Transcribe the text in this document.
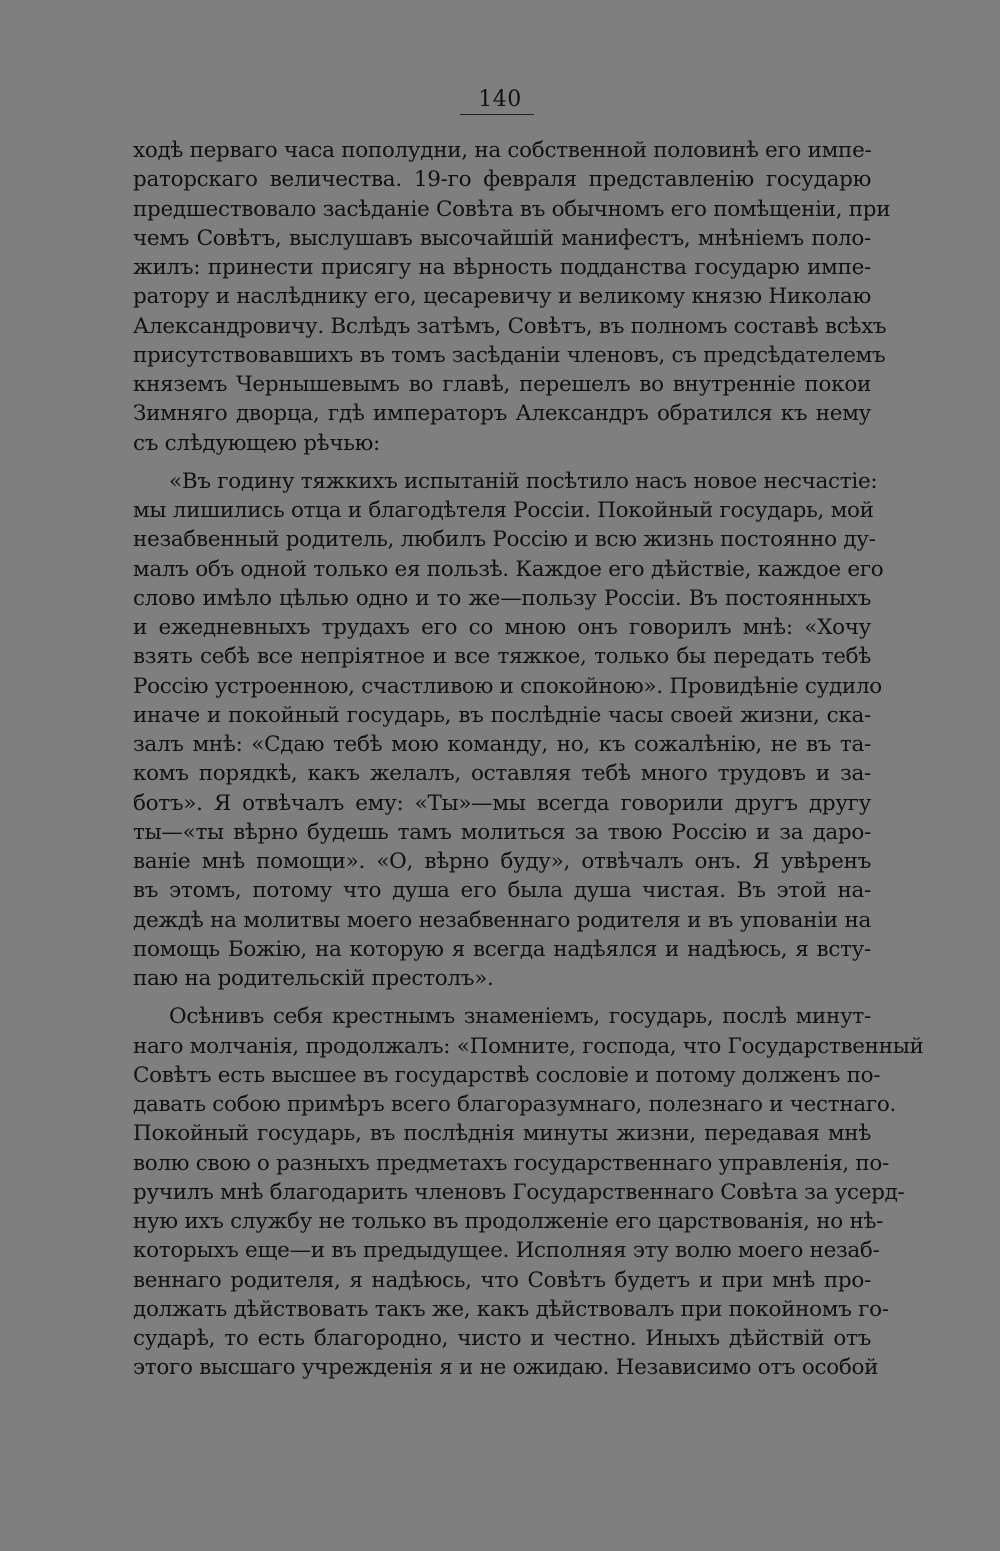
140
ходѣ перваго часа пополудни, на собственной половинѣ его импе-
раторскаго величества. 19-го февраля представленію государю
предшествовало засѣданіе Совѣта въ обычномъ его помѣщеніи, при
чемъ Совѣтъ, выслушавъ высочайшій манифестъ, мнѣніемъ поло-
жилъ: принести присягу на вѣрность подданства государю импе-
ратору и наслѣднику его, цесаревичу и великому князю Николаю
Александровичу. Вслѣдъ затѣмъ, Совѣтъ, въ полномъ составѣ всѣхъ
присутствовавшихъ въ томъ засѣданіи членовъ, съ предсѣдателемъ
княземъ Чернышевымъ во главѣ, перешелъ во внутренніе покои
Зимняго дворца, гдѣ императоръ Александръ обратился къ нему
съ слѣдующею рѣчью:
«Въ годину тяжкихъ испытаній посѣтило насъ новое несчастіе:
мы лишились отца и благодѣтеля Россіи. Покойный государь, мой
незабвенный родитель, любилъ Россію и всю жизнь постоянно ду-
малъ объ одной только ея пользѣ. Каждое его дѣйствіе, каждое его
слово имѣло цѣлью одно и то же—пользу Россіи. Въ постоянныхъ
и ежедневныхъ трудахъ его со мною онъ говорилъ мнѣ: «Хочу
взять себѣ все непріятное и все тяжкое, только бы передать тебѣ
Россію устроенною, счастливою и спокойною». Провидѣніе судило
иначе и покойный государь, въ послѣдніе часы своей жизни, ска-
залъ мнѣ: «Сдаю тебѣ мою команду, но, къ сожалѣнію, не въ та-
комъ порядкѣ, какъ желалъ, оставляя тебѣ много трудовъ и за-
ботъ». Я отвѣчалъ ему: «Ты»—мы всегда говорили другъ другу
ты—«ты вѣрно будешь тамъ молиться за твою Россію и за даро-
ваніе мнѣ помощи». «О, вѣрно буду», отвѣчалъ онъ. Я увѣренъ
въ этомъ, потому что душа его была душа чистая. Въ этой на-
деждѣ на молитвы моего незабвеннаго родителя и въ упованіи на
помощь Божію, на которую я всегда надѣялся и надѣюсь, я всту-
паю на родительскій престолъ».
Осѣнивъ себя крестнымъ знаменіемъ, государь, послѣ минут-
наго молчанія, продолжалъ: «Помните, господа, что Государственный
Совѣтъ есть высшее въ государствѣ сословіе и потому долженъ по-
давать собою примѣръ всего благоразумнаго, полезнаго и честнаго.
Покойный государь, въ послѣднія минуты жизни, передавая мнѣ
волю свою о разныхъ предметахъ государственнаго управленія, по-
ручилъ мнѣ благодарить членовъ Государственнаго Совѣта за усерд-
ную ихъ службу не только въ продолженіе его царствованія, но нѣ-
которыхъ еще—и въ предыдущее. Исполняя эту волю моего незаб-
веннаго родителя, я надѣюсь, что Совѣтъ будетъ и при мнѣ про-
должать дѣйствовать такъ же, какъ дѣйствовалъ при покойномъ го-
сударѣ, то есть благородно, чисто и честно. Иныхъ дѣйствій отъ
этого высшаго учрежденія я и не ожидаю. Независимо отъ особой
